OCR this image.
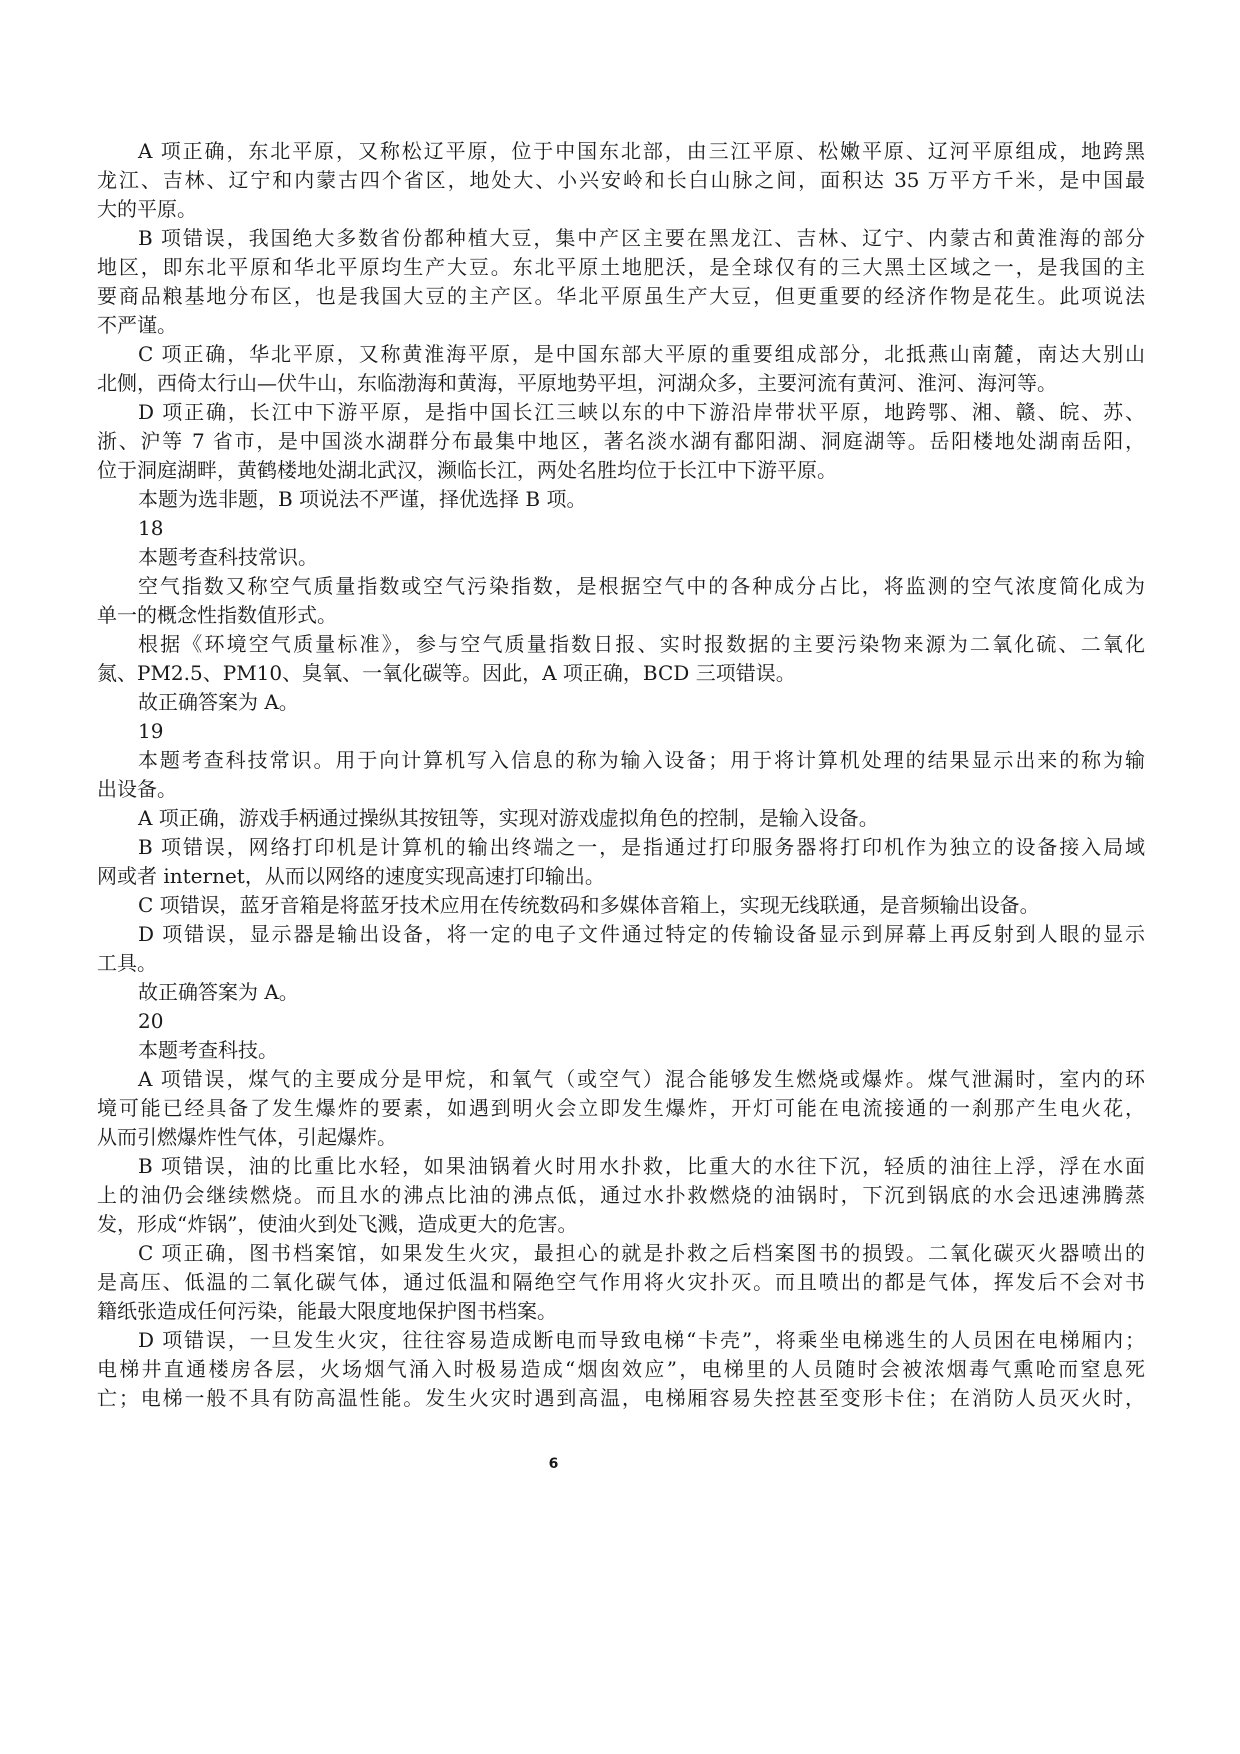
A 项正确，东北平原，又称松辽平原，位于中国东北部，由三江平原、松嫩平原、辽河平原组成，地跨黑
龙江、吉林、辽宁和内蒙古四个省区，地处大、小兴安岭和长白山脉之间，面积达 35 万平方千米，是中国最
大的平原。
B 项错误，我国绝大多数省份都种植大豆，集中产区主要在黑龙江、吉林、辽宁、内蒙古和黄淮海的部分
地区，即东北平原和华北平原均生产大豆。东北平原土地肥沃，是全球仅有的三大黑土区域之一，是我国的主
要商品粮基地分布区，也是我国大豆的主产区。华北平原虽生产大豆，但更重要的经济作物是花生。此项说法
不严谨。
C 项正确，华北平原，又称黄淮海平原，是中国东部大平原的重要组成部分，北抵燕山南麓，南达大别山
北侧，西倚太行山—伏牛山，东临渤海和黄海，平原地势平坦，河湖众多，主要河流有黄河、淮河、海河等。
D 项正确，长江中下游平原，是指中国长江三峡以东的中下游沿岸带状平原，地跨鄂、湘、赣、皖、苏、
浙、沪等 7 省市，是中国淡水湖群分布最集中地区，著名淡水湖有鄱阳湖、洞庭湖等。岳阳楼地处湖南岳阳，
位于洞庭湖畔，黄鹤楼地处湖北武汉，濒临长江，两处名胜均位于长江中下游平原。
本题为选非题，B 项说法不严谨，择优选择 B 项。
18
本题考查科技常识。
空气指数又称空气质量指数或空气污染指数，是根据空气中的各种成分占比，将监测的空气浓度简化成为
单一的概念性指数值形式。
根据《环境空气质量标准》，参与空气质量指数日报、实时报数据的主要污染物来源为二氧化硫、二氧化
氮、PM2.5、PM10、臭氧、一氧化碳等。因此，A 项正确，BCD 三项错误。
故正确答案为 A。
19
本题考查科技常识。用于向计算机写入信息的称为输入设备；用于将计算机处理的结果显示出来的称为输
出设备。
A 项正确，游戏手柄通过操纵其按钮等，实现对游戏虚拟角色的控制，是输入设备。
B 项错误，网络打印机是计算机的输出终端之一，是指通过打印服务器将打印机作为独立的设备接入局域
网或者 internet，从而以网络的速度实现高速打印输出。
C 项错误，蓝牙音箱是将蓝牙技术应用在传统数码和多媒体音箱上，实现无线联通，是音频输出设备。
D 项错误，显示器是输出设备，将一定的电子文件通过特定的传输设备显示到屏幕上再反射到人眼的显示
工具。
故正确答案为 A。
20
本题考查科技。
A 项错误，煤气的主要成分是甲烷，和氧气（或空气）混合能够发生燃烧或爆炸。煤气泄漏时，室内的环
境可能已经具备了发生爆炸的要素，如遇到明火会立即发生爆炸，开灯可能在电流接通的一刹那产生电火花，
从而引燃爆炸性气体，引起爆炸。
B 项错误，油的比重比水轻，如果油锅着火时用水扑救，比重大的水往下沉，轻质的油往上浮，浮在水面
上的油仍会继续燃烧。而且水的沸点比油的沸点低，通过水扑救燃烧的油锅时，下沉到锅底的水会迅速沸腾蒸
发，形成“炸锅”，使油火到处飞溅，造成更大的危害。
C 项正确，图书档案馆，如果发生火灾，最担心的就是扑救之后档案图书的损毁。二氧化碳灭火器喷出的
是高压、低温的二氧化碳气体，通过低温和隔绝空气作用将火灾扑灭。而且喷出的都是气体，挥发后不会对书
籍纸张造成任何污染，能最大限度地保护图书档案。
D 项错误，一旦发生火灾，往往容易造成断电而导致电梯“卡壳”，将乘坐电梯逃生的人员困在电梯厢内；
电梯井直通楼房各层，火场烟气涌入时极易造成“烟囱效应”，电梯里的人员随时会被浓烟毒气熏呛而窒息死
亡；电梯一般不具有防高温性能。发生火灾时遇到高温，电梯厢容易失控甚至变形卡住；在消防人员灭火时，
6
